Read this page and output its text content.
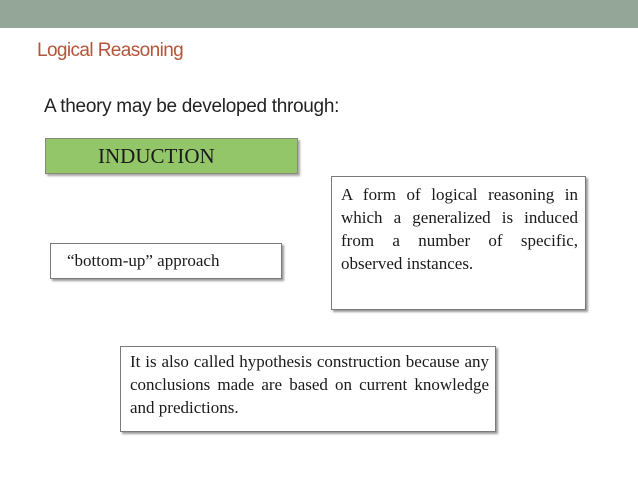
Logical Reasoning
A theory may be developed through:
INDUCTION
“bottom-up” approach
A form of logical reasoning in which a generalized is induced from a number of specific, observed instances.
It is also called hypothesis construction because any conclusions made are based on current knowledge and predictions.
